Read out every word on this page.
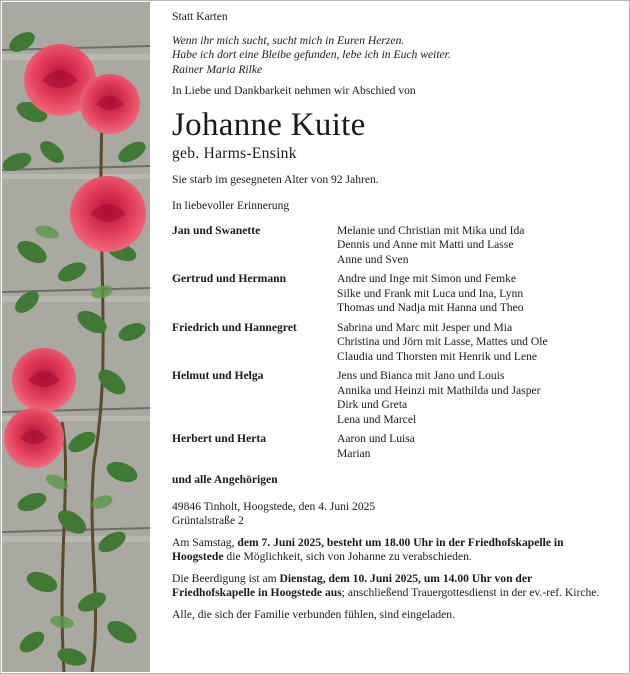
Statt Karten

Wenn ihr mich sucht, sucht mich in Euren Herzen.

Habe ich dort eine Bleibe gefunden, lebe ich in Euch weiter.

Rainer Maria Rilke

In Liebe und Dankbarkeit nehmen wir Abschied von

Johanne Kuite

geb. Harms-Ensink

Sie starb im gesegneten Alter von 92 Jahren.

In liebevoller Erinnerung

Jan und Swanette	Melanie und Christian mit Mika und Ida
Dennis und Anne mit Matti und Lasse
Anne und Sven
Gertrud und Hermann	Andre und Inge mit Simon und Femke
Silke und Frank mit Luca und Ina, Lynn
Thomas und Nadja mit Hanna und Theo
Friedrich und Hannegret	Sabrina und Marc mit Jesper und Mia
Christina und Jörn mit Lasse, Mattes und Ole
Claudia und Thorsten mit Henrik und Lene
Helmut und Helga	Jens und Bianca mit Jano und Louis
Annika und Heinzi mit Mathilda und Jasper
Dirk und Greta
Lena und Marcel
Herbert und Herta	Aaron und Luisa
Marian

und alle Angehörigen

49846 Tinholt, Hoogstede, den 4. Juni 2025

Grüntalstraße 2

Am Samstag, dem 7. Juni 2025, besteht um 18.00 Uhr in der Friedhofskapelle in Hoogstede die Möglichkeit, sich von Johanne zu verabschieden.

Die Beerdigung ist am Dienstag, dem 10. Juni 2025, um 14.00 Uhr von der Friedhofskapelle in Hoogstede aus; anschließend Trauergottesdienst in der ev.-ref. Kirche.

Alle, die sich der Familie verbunden fühlen, sind eingeladen.
